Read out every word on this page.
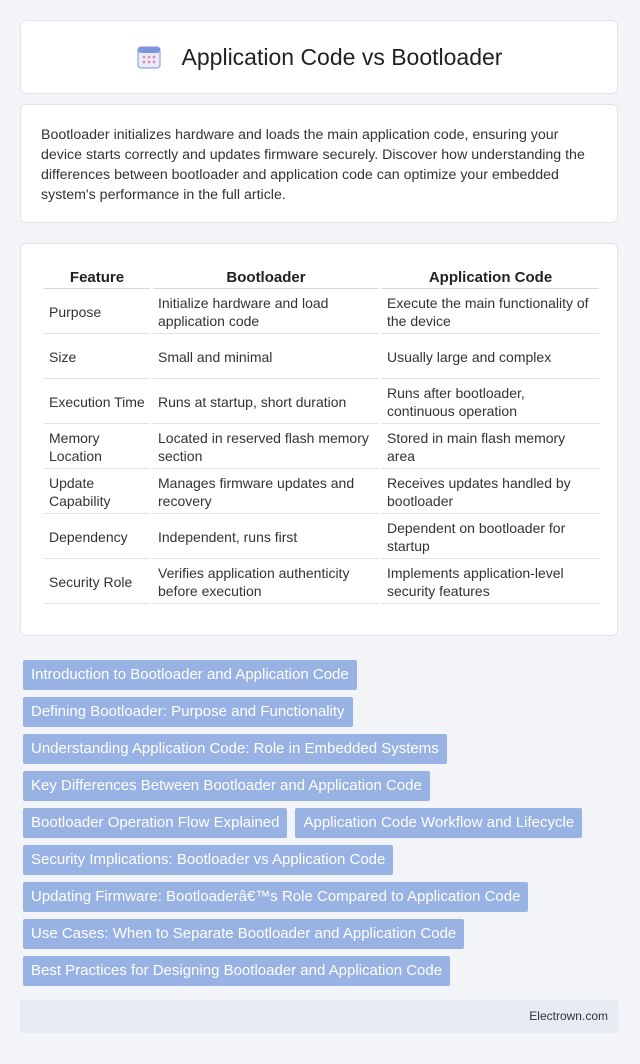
Application Code vs Bootloader

Bootloader initializes hardware and loads the main application code, ensuring your device starts correctly and updates firmware securely. Discover how understanding the differences between bootloader and application code can optimize your embedded system's performance in the full article.

Feature	Bootloader	Application Code
Purpose	Initialize hardware and load application code	Execute the main functionality of the device
Size	Small and minimal	Usually large and complex
Execution Time	Runs at startup, short duration	Runs after bootloader, continuous operation
Memory Location	Located in reserved flash memory section	Stored in main flash memory area
Update Capability	Manages firmware updates and recovery	Receives updates handled by bootloader
Dependency	Independent, runs first	Dependent on bootloader for startup
Security Role	Verifies application authenticity before execution	Implements application-level security features
Introduction to Bootloader and Application Code
Defining Bootloader: Purpose and Functionality
Understanding Application Code: Role in Embedded Systems
Key Differences Between Bootloader and Application Code
Bootloader Operation Flow Explained	Application Code Workflow and Lifecycle
Security Implications: Bootloader vs Application Code
Updating Firmware: Bootloaderâ€™s Role Compared to Application Code
Use Cases: When to Separate Bootloader and Application Code
Best Practices for Designing Bootloader and Application Code
Electrown.com
